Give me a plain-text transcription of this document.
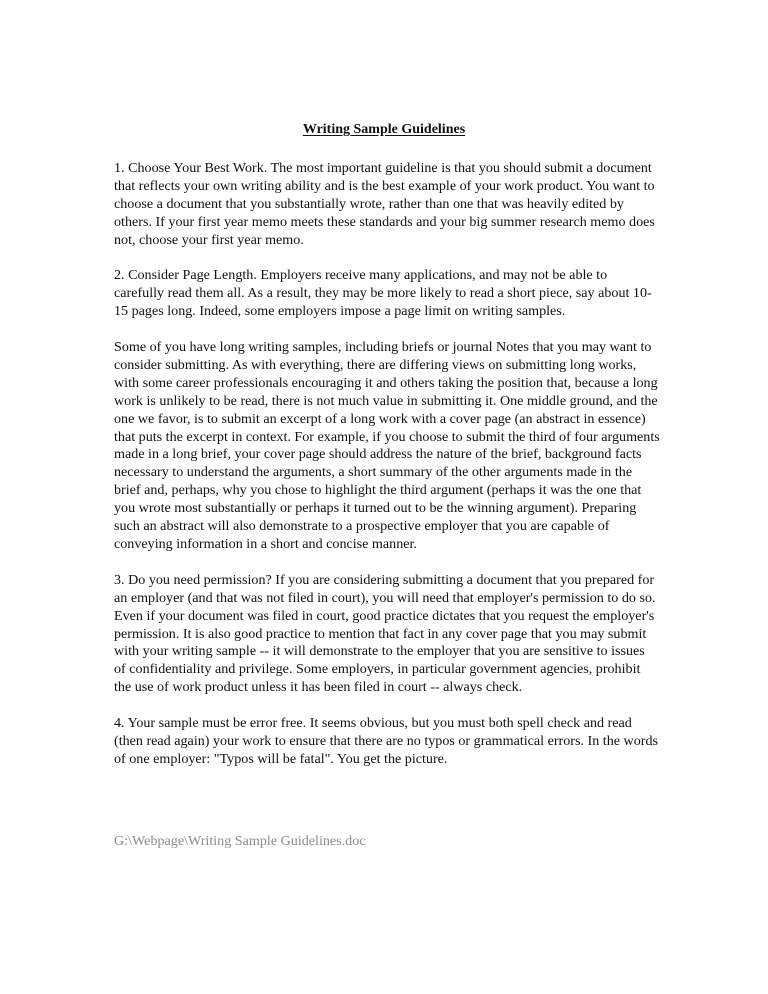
Writing Sample Guidelines

1. Choose Your Best Work. The most important guideline is that you should submit a document that reflects your own writing ability and is the best example of your work product. You want to choose a document that you substantially wrote, rather than one that was heavily edited by others. If your first year memo meets these standards and your big summer research memo does not, choose your first year memo.

2. Consider Page Length. Employers receive many applications, and may not be able to carefully read them all. As a result, they may be more likely to read a short piece, say about 10-15 pages long. Indeed, some employers impose a page limit on writing samples.

Some of you have long writing samples, including briefs or journal Notes that you may want to consider submitting. As with everything, there are differing views on submitting long works, with some career professionals encouraging it and others taking the position that, because a long work is unlikely to be read, there is not much value in submitting it. One middle ground, and the one we favor, is to submit an excerpt of a long work with a cover page (an abstract in essence) that puts the excerpt in context. For example, if you choose to submit the third of four arguments made in a long brief, your cover page should address the nature of the brief, background facts necessary to understand the arguments, a short summary of the other arguments made in the brief and, perhaps, why you chose to highlight the third argument (perhaps it was the one that you wrote most substantially or perhaps it turned out to be the winning argument). Preparing such an abstract will also demonstrate to a prospective employer that you are capable of conveying information in a short and concise manner.

3. Do you need permission? If you are considering submitting a document that you prepared for an employer (and that was not filed in court), you will need that employer's permission to do so. Even if your document was filed in court, good practice dictates that you request the employer's permission. It is also good practice to mention that fact in any cover page that you may submit with your writing sample -- it will demonstrate to the employer that you are sensitive to issues of confidentiality and privilege. Some employers, in particular government agencies, prohibit the use of work product unless it has been filed in court -- always check.

4. Your sample must be error free. It seems obvious, but you must both spell check and read (then read again) your work to ensure that there are no typos or grammatical errors. In the words of one employer: "Typos will be fatal". You get the picture.

G:\Webpage\Writing Sample Guidelines.doc
